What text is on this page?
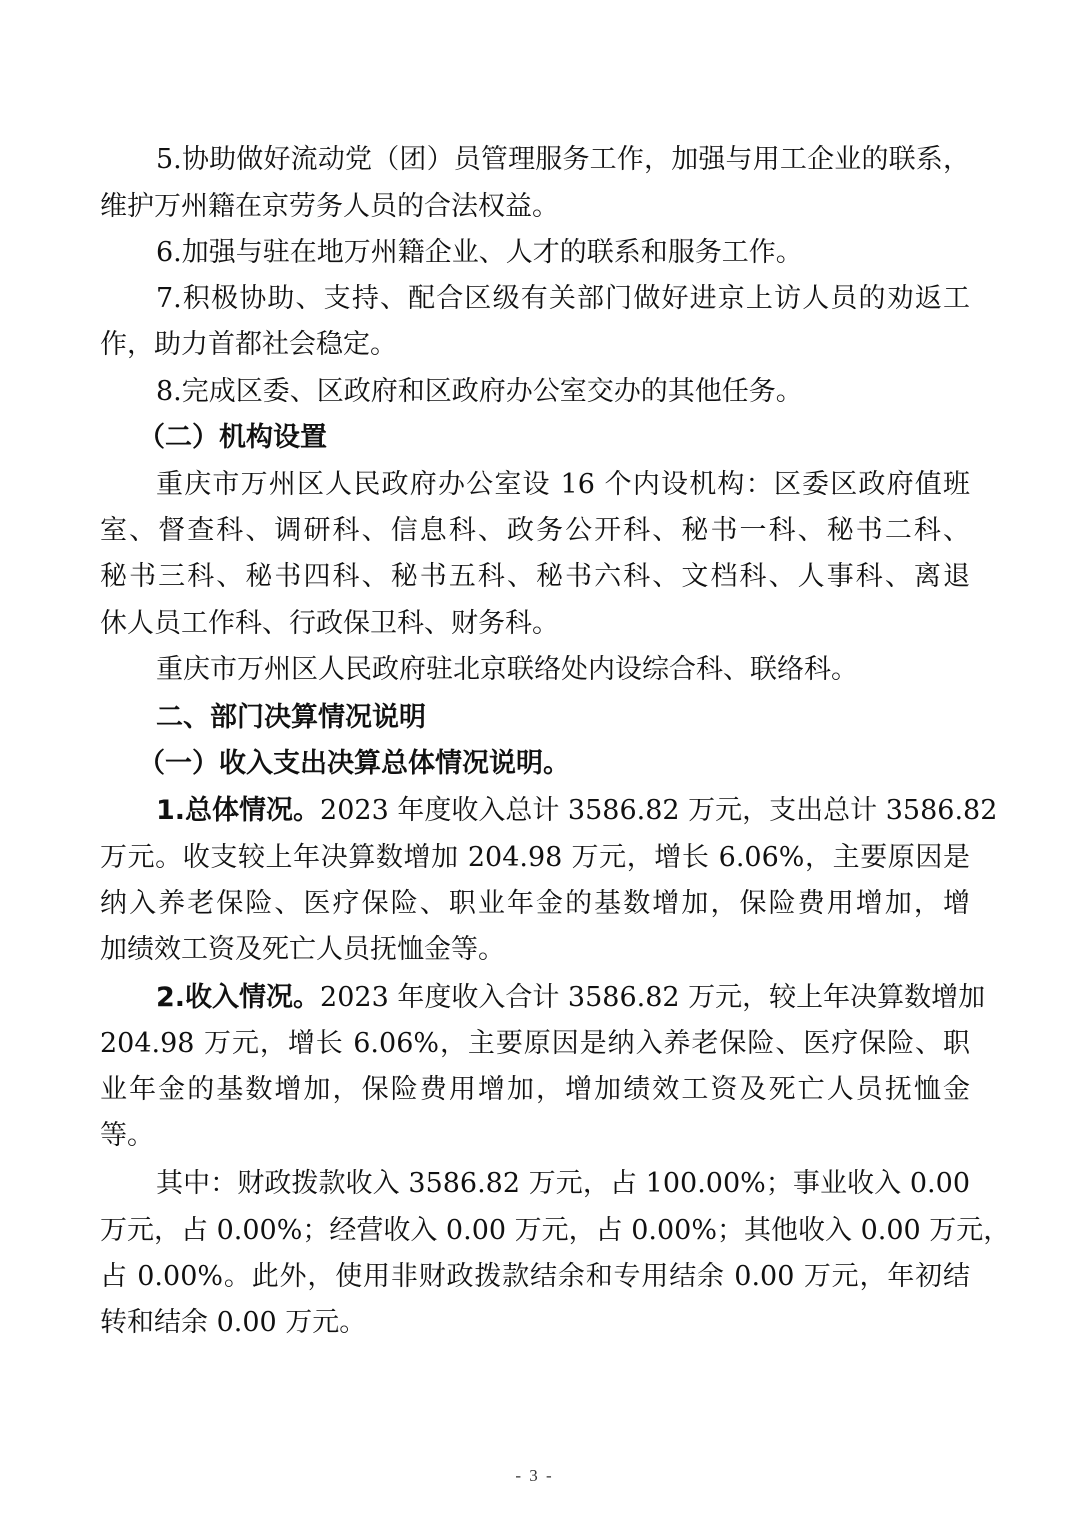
5.协助做好流动党（团）员管理服务工作，加强与用工企业的联系，
维护万州籍在京劳务人员的合法权益。
6.加强与驻在地万州籍企业、人才的联系和服务工作。
7.积极协助、支持、配合区级有关部门做好进京上访人员的劝返工
作，助力首都社会稳定。
8.完成区委、区政府和区政府办公室交办的其他任务。
（二）机构设置
重庆市万州区人民政府办公室设 16 个内设机构：区委区政府值班
室、督查科、调研科、信息科、政务公开科、秘书一科、秘书二科、
秘书三科、秘书四科、秘书五科、秘书六科、文档科、人事科、离退
休人员工作科、行政保卫科、财务科。
重庆市万州区人民政府驻北京联络处内设综合科、联络科。
二、部门决算情况说明
（一）收入支出决算总体情况说明。
1.总体情况。2023 年度收入总计 3586.82 万元，支出总计 3586.82
万元。收支较上年决算数增加 204.98 万元，增长 6.06%，主要原因是
纳入养老保险、医疗保险、职业年金的基数增加，保险费用增加，增
加绩效工资及死亡人员抚恤金等。
2.收入情况。2023 年度收入合计 3586.82 万元，较上年决算数增加
204.98 万元，增长 6.06%，主要原因是纳入养老保险、医疗保险、职
业年金的基数增加，保险费用增加，增加绩效工资及死亡人员抚恤金
等。
其中：财政拨款收入 3586.82 万元，占 100.00%；事业收入 0.00
万元，占 0.00%；经营收入 0.00 万元，占 0.00%；其他收入 0.00 万元，
占 0.00%。此外，使用非财政拨款结余和专用结余 0.00 万元，年初结
转和结余 0.00 万元。
- 3 -
